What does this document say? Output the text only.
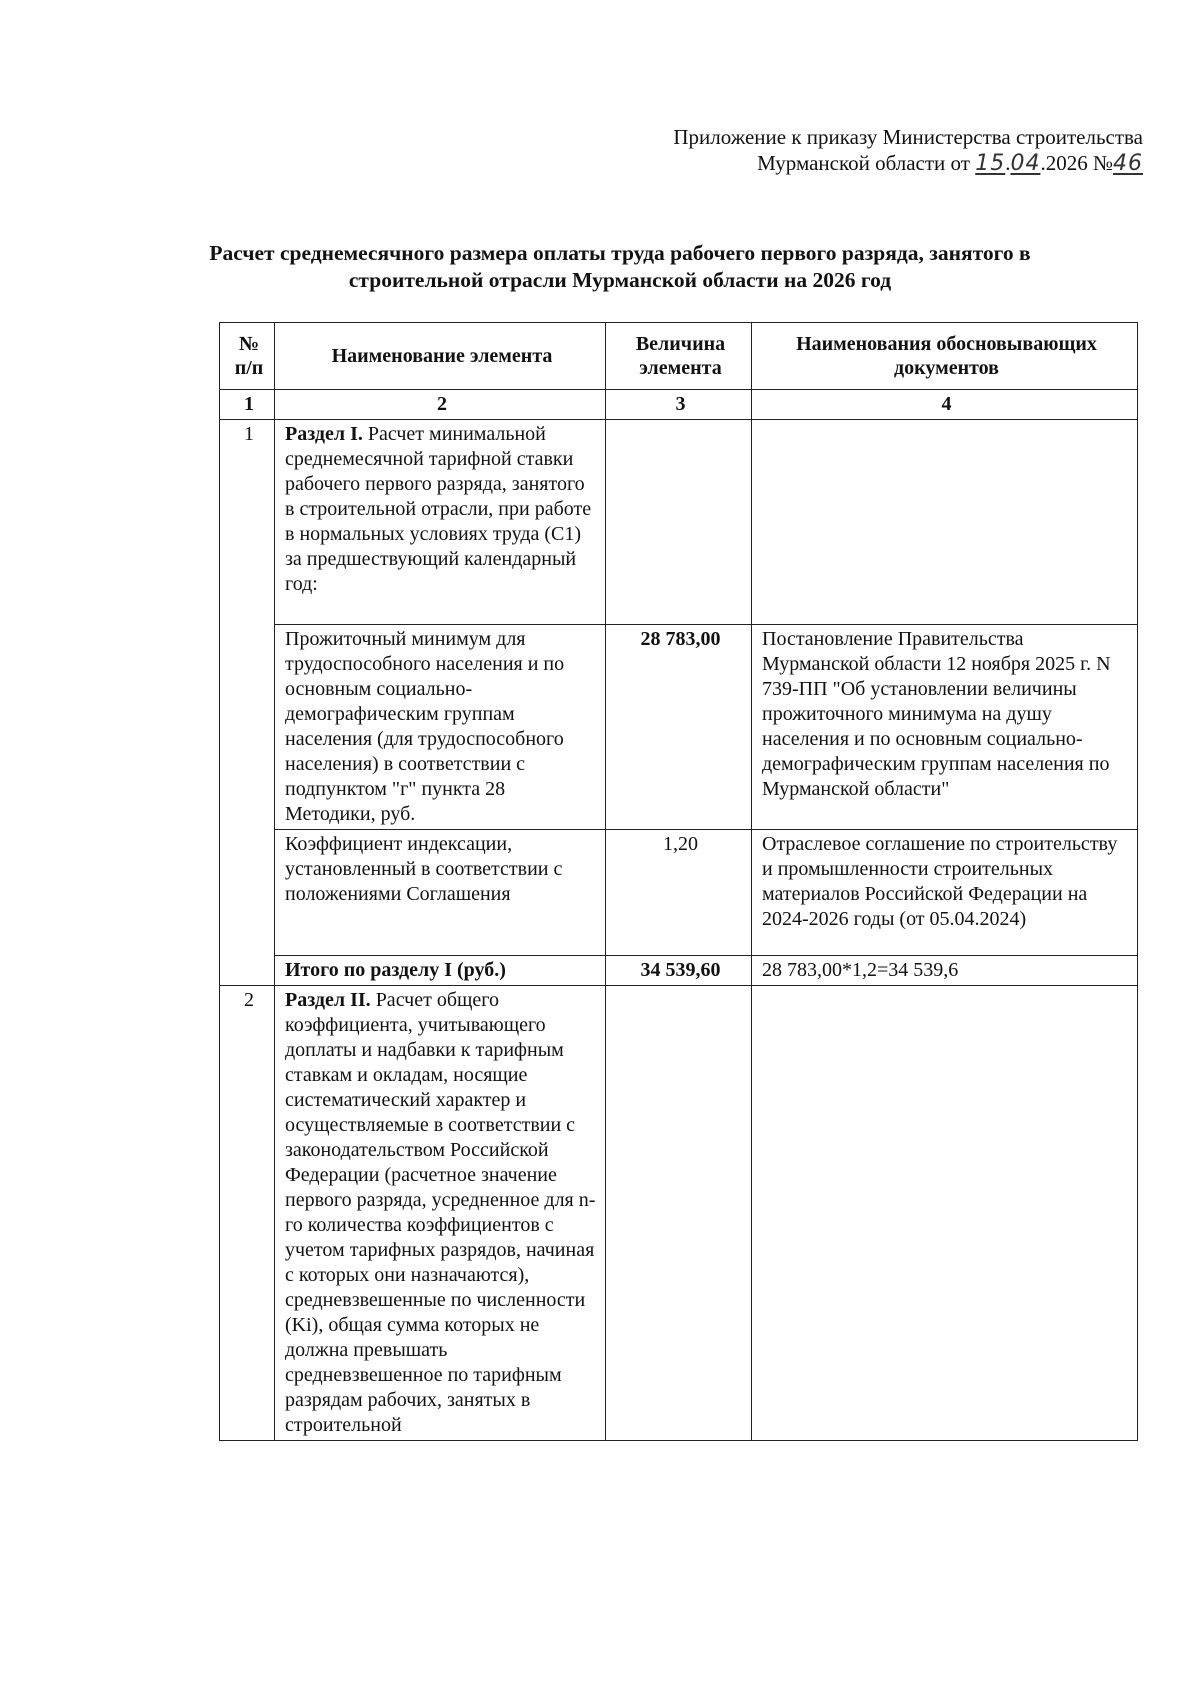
Приложение к приказу Министерства строительства
Мурманской области от 15.04.2026 №46
Расчет среднемесячного размера оплаты труда рабочего первого разряда, занятого в
строительной отрасли Мурманской области на 2026 год
№ п/п	Наименование элемента	Величина элемента	Наименования обосновывающих документов
1	2	3	4
1	Раздел I. Расчет минимальной среднемесячной тарифной ставки рабочего первого разряда, занятого в строительной отрасли, при работе в нормальных условиях труда (С1) за предшествующий календарный год:		
	Прожиточный минимум для трудоспособного населения и по основным социально-демографическим группам населения (для трудоспособного населения) в соответствии с подпунктом "г" пункта 28 Методики, руб.	28 783,00	Постановление Правительства Мурманской области 12 ноября 2025 г. N 739-ПП "Об установлении величины прожиточного минимума на душу населения и по основным социально-демографическим группам населения по Мурманской области"
	Коэффициент индексации, установленный в соответствии с положениями Соглашения	1,20	Отраслевое соглашение по строительству и промышленности строительных материалов Российской Федерации на 2024-2026 годы (от 05.04.2024)
	Итого по разделу I (руб.)	34 539,60	28 783,00*1,2=34 539,6
2	Раздел II. Расчет общего коэффициента, учитывающего доплаты и надбавки к тарифным ставкам и окладам, носящие систематический характер и осуществляемые в соответствии с законодательством Российской Федерации (расчетное значение первого разряда, усредненное для n-го количества коэффициентов с учетом тарифных разрядов, начиная с которых они назначаются), средневзвешенные по численности (Ki), общая сумма которых не должна превышать средневзвешенное по тарифным разрядам рабочих, занятых в строительной		
